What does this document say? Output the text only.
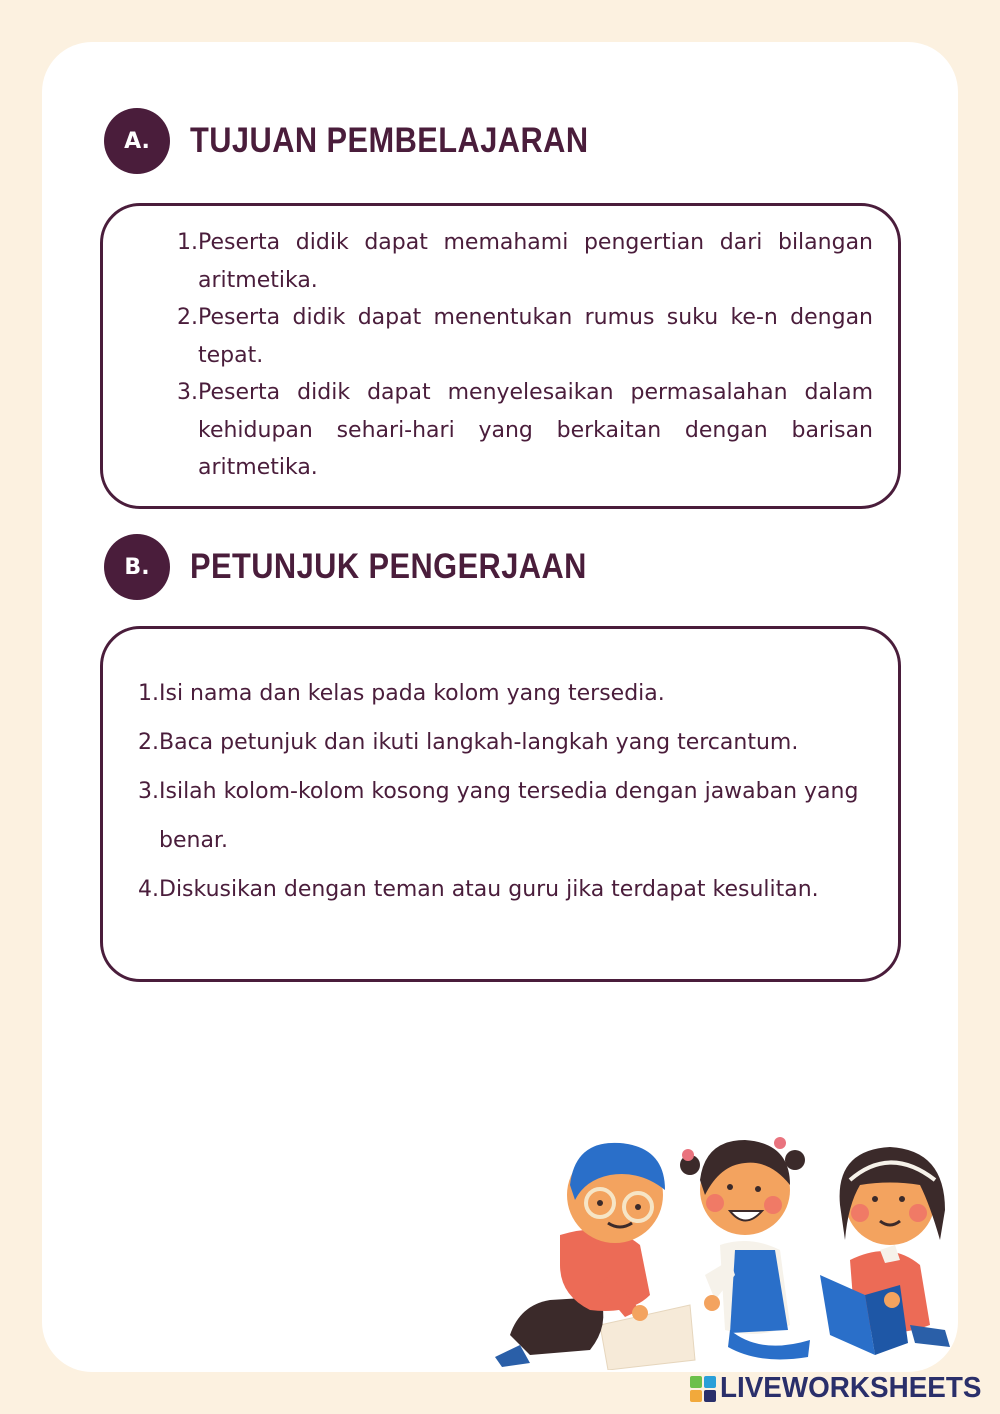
A.	TUJUAN PEMBELAJARAN
1. Peserta didik dapat memahami pengertian dari bilangan aritmetika.
2. Peserta didik dapat menentukan rumus suku ke-n dengan tepat.
3. Peserta didik dapat menyelesaikan permasalahan dalam kehidupan sehari-hari yang berkaitan dengan barisan aritmetika.
B.	PETUNJUK PENGERJAAN
1. Isi nama dan kelas pada kolom yang tersedia.
2. Baca petunjuk dan ikuti langkah-langkah yang tercantum.
3. Isilah kolom-kolom kosong yang tersedia dengan jawaban yang benar.
4. Diskusikan dengan teman atau guru jika terdapat kesulitan.
LIVEWORKSHEETS
